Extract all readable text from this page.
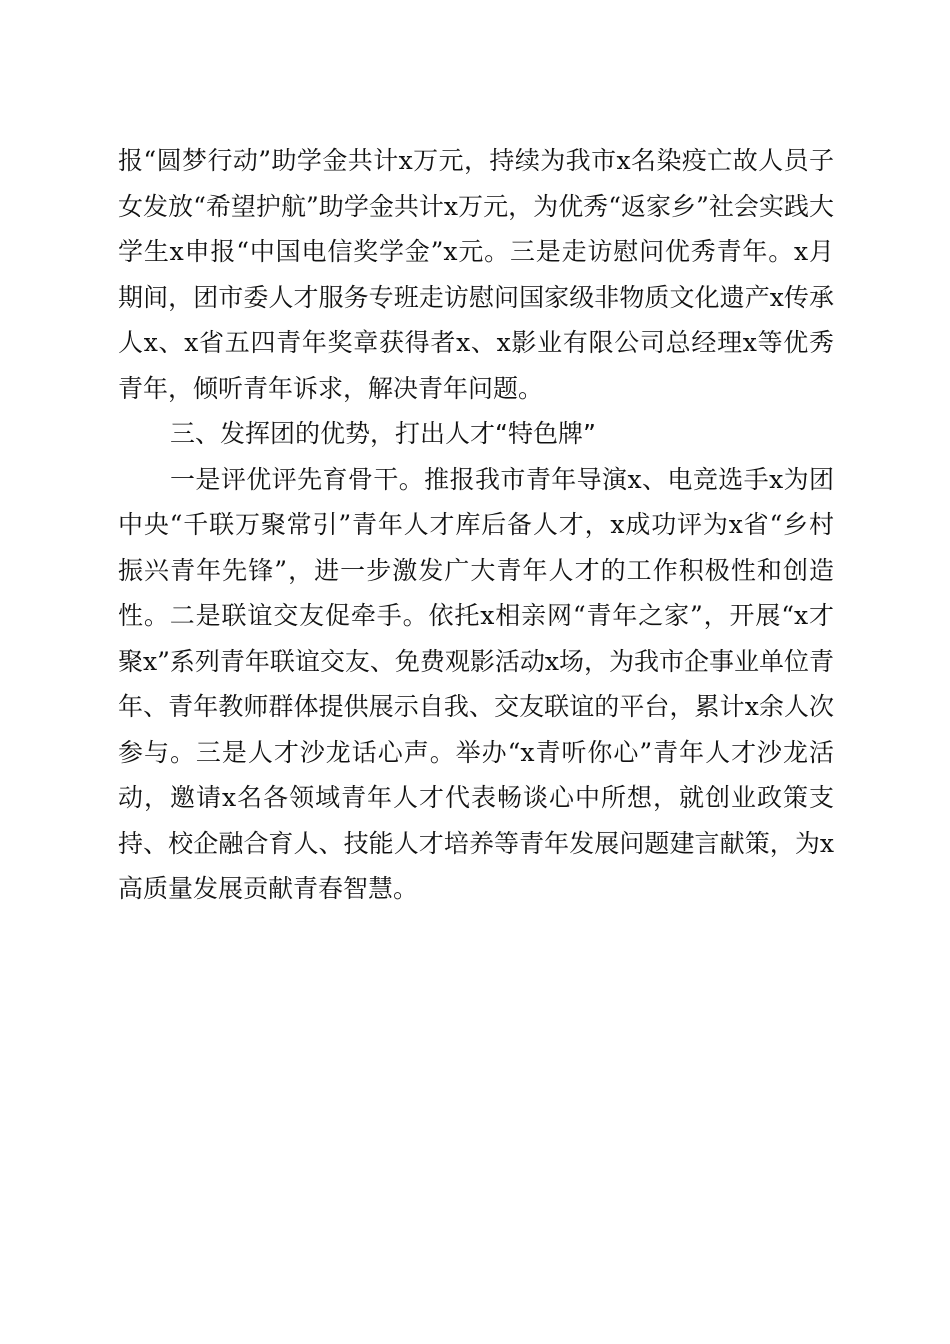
报“圆梦行动”助学金共计x万元，持续为我市x名染疫亡故人员子女发放“希望护航”助学金共计x万元，为优秀“返家乡”社会实践大学生x申报“中国电信奖学金”x元。三是走访慰问优秀青年。x月期间，团市委人才服务专班走访慰问国家级非物质文化遗产x传承人x、x省五四青年奖章获得者x、x影业有限公司总经理x等优秀青年，倾听青年诉求，解决青年问题。

三、发挥团的优势，打出人才“特色牌”

一是评优评先育骨干。推报我市青年导演x、电竞选手x为团中央“千联万聚常引”青年人才库后备人才，x成功评为x省“乡村振兴青年先锋”，进一步激发广大青年人才的工作积极性和创造性。二是联谊交友促牵手。依托x相亲网“青年之家”，开展“x才聚x”系列青年联谊交友、免费观影活动x场，为我市企事业单位青年、青年教师群体提供展示自我、交友联谊的平台，累计x余人次参与。三是人才沙龙话心声。举办“x青听你心”青年人才沙龙活动，邀请x名各领域青年人才代表畅谈心中所想，就创业政策支持、校企融合育人、技能人才培养等青年发展问题建言献策，为x高质量发展贡献青春智慧。
